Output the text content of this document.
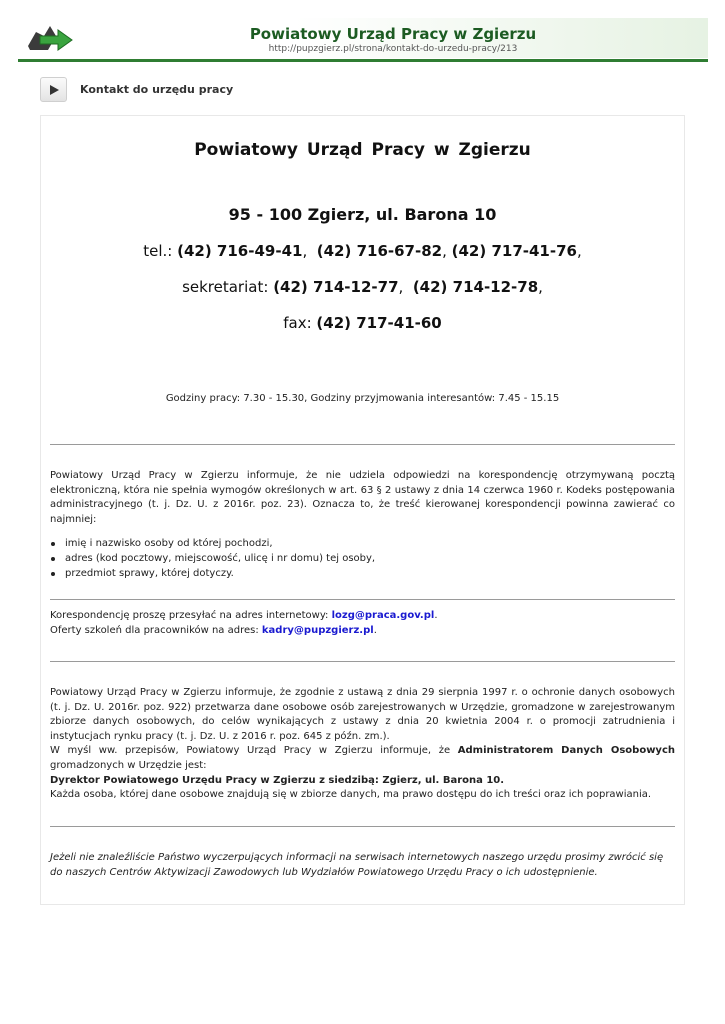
Powiatowy Urząd Pracy w Zgierzu
http://pupzgierz.pl/strona/kontakt-do-urzedu-pracy/213
Kontakt do urzędu pracy
Powiatowy Urząd Pracy w Zgierzu
95 - 100 Zgierz, ul. Barona 10
tel.: (42) 716-49-41,  (42) 716-67-82, (42) 717-41-76,
sekretariat: (42) 714-12-77,  (42) 714-12-78,
fax: (42) 717-41-60
Godziny pracy: 7.30 - 15.30, Godziny przyjmowania interesantów: 7.45 - 15.15
Powiatowy Urząd Pracy w Zgierzu informuje, że nie udziela odpowiedzi na korespondencję otrzymywaną pocztą elektroniczną, która nie spełnia wymogów określonych w art. 63 § 2 ustawy z dnia 14 czerwca 1960 r. Kodeks postępowania administracyjnego (t. j. Dz. U. z 2016r. poz. 23). Oznacza to, że treść kierowanej korespondencji powinna zawierać co najmniej:
imię i nazwisko osoby od której pochodzi,
adres (kod pocztowy, miejscowość, ulicę i nr domu) tej osoby,
przedmiot sprawy, której dotyczy.
Korespondencję proszę przesyłać na adres internetowy: lozg@praca.gov.pl.
Oferty szkoleń dla pracowników na adres: kadry@pupzgierz.pl.
Powiatowy Urząd Pracy w Zgierzu informuje, że zgodnie z ustawą z dnia 29 sierpnia 1997 r. o ochronie danych osobowych (t. j. Dz. U. 2016r. poz. 922) przetwarza dane osobowe osób zarejestrowanych w Urzędzie, gromadzone w zarejestrowanym zbiorze danych osobowych, do celów wynikających z ustawy z dnia 20 kwietnia 2004 r. o promocji zatrudnienia i instytucjach rynku pracy (t. j. Dz. U. z 2016 r. poz. 645 z późn. zm.).
W myśl ww. przepisów, Powiatowy Urząd Pracy w Zgierzu informuje, że Administratorem Danych Osobowych
gromadzonych w Urzędzie jest:
Dyrektor Powiatowego Urzędu Pracy w Zgierzu z siedzibą: Zgierz, ul. Barona 10.
Każda osoba, której dane osobowe znajdują się w zbiorze danych, ma prawo dostępu do ich treści oraz ich poprawiania.
Jeżeli nie znaleźliście Państwo wyczerpujących informacji na serwisach internetowych naszego urzędu prosimy zwrócić się do naszych Centrów Aktywizacji Zawodowych lub Wydziałów Powiatowego Urzędu Pracy o ich udostępnienie.
